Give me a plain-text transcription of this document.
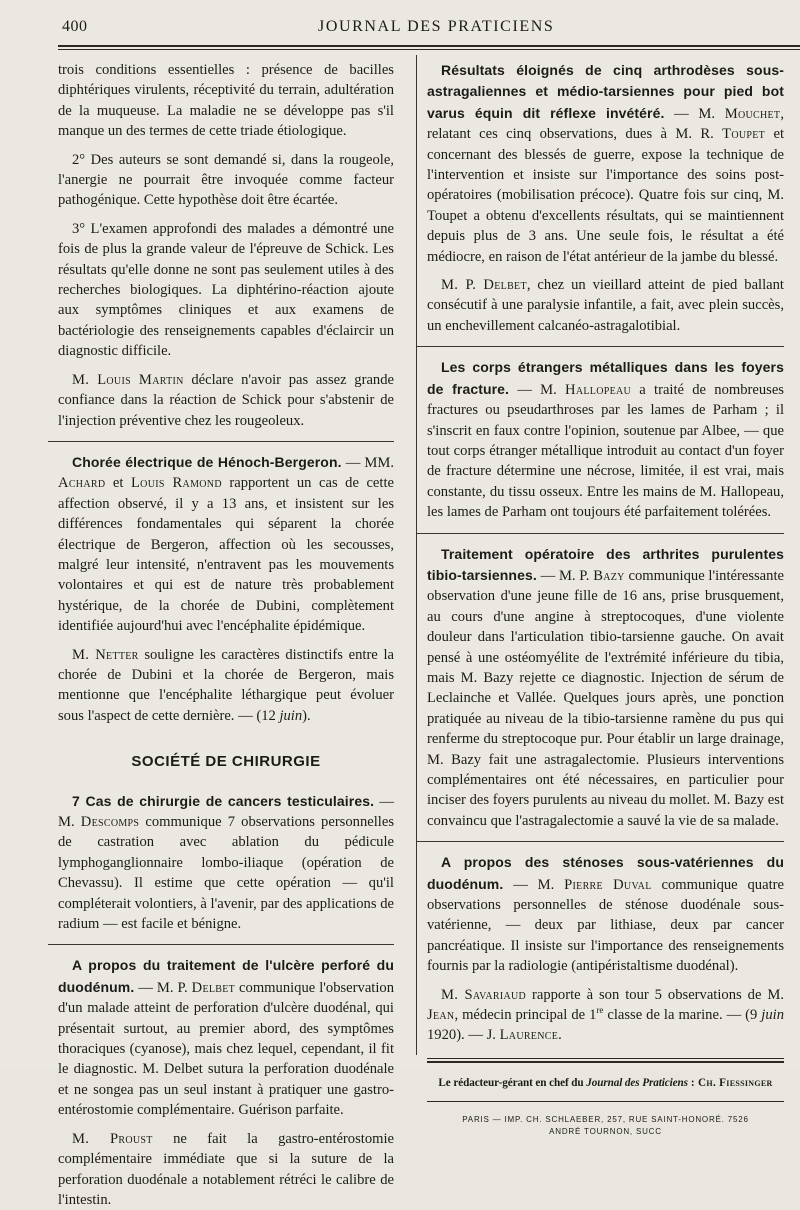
400	JOURNAL DES PRATICIENS

trois conditions essentielles : présence de bacilles diphtériques virulents, réceptivité du terrain, adultération de la muqueuse. La maladie ne se développe pas s'il manque un des termes de cette triade étiologique.

2° Des auteurs se sont demandé si, dans la rougeole, l'anergie ne pourrait être invoquée comme facteur pathogénique. Cette hypothèse doit être écartée.

3° L'examen approfondi des malades a démontré une fois de plus la grande valeur de l'épreuve de Schick. Les résultats qu'elle donne ne sont pas seulement utiles à des recherches biologiques. La diphtérino-réaction ajoute aux symptômes cliniques et aux examens de bactériologie des renseignements capables d'éclaircir un diagnostic difficile.

M. Louis Martin déclare n'avoir pas assez grande confiance dans la réaction de Schick pour s'abstenir de l'injection préventive chez les rougeoleux.

Chorée électrique de Hénoch-Bergeron. — MM. Achard et Louis Ramond rapportent un cas de cette affection observé, il y a 13 ans, et insistent sur les différences fondamentales qui séparent la chorée électrique de Bergeron, affection où les secousses, malgré leur intensité, n'entravent pas les mouvements volontaires et qui est de nature très probablement hystérique, de la chorée de Dubini, complètement identifiée aujourd'hui avec l'encéphalite épidémique.

M. Netter souligne les caractères distinctifs entre la chorée de Dubini et la chorée de Bergeron, mais mentionne que l'encéphalite léthargique peut évoluer sous l'aspect de cette dernière. — (12 juin).

SOCIÉTÉ DE CHIRURGIE

7 Cas de chirurgie de cancers testiculaires. — M. Descomps communique 7 observations personnelles de castration avec ablation du pédicule lymphoganglionnaire lombo-iliaque (opération de Chevassu). Il estime que cette opération — qu'il compléterait volontiers, à l'avenir, par des applications de radium — est facile et bénigne.

A propos du traitement de l'ulcère perforé du duodénum. — M. P. Delbet communique l'observation d'un malade atteint de perforation d'ulcère duodénal, qui présentait surtout, au premier abord, des symptômes thoraciques (cyanose), mais chez lequel, cependant, il fit le diagnostic. M. Delbet sutura la perforation duodénale et ne songea pas un seul instant à pratiquer une gastro-entérostomie complémentaire. Guérison parfaite.

M. Proust ne fait la gastro-entérostomie complémentaire immédiate que si la suture de la perforation duodénale a notablement rétréci le calibre de l'intestin.

Résultats éloignés de cinq arthrodèses sous-astragaliennes et médio-tarsiennes pour pied bot varus équin dit réflexe invétéré. — M. Mouchet, relatant ces cinq observations, dues à M. R. Toupet et concernant des blessés de guerre, expose la technique de l'intervention et insiste sur l'importance des soins post-opératoires (mobilisation précoce). Quatre fois sur cinq, M. Toupet a obtenu d'excellents résultats, qui se maintiennent depuis plus de 3 ans. Une seule fois, le résultat a été médiocre, en raison de l'état antérieur de la jambe du blessé.

M. P. Delbet, chez un vieillard atteint de pied ballant consécutif à une paralysie infantile, a fait, avec plein succès, un enchevillement calcanéo-astragalotibial.

Les corps étrangers métalliques dans les foyers de fracture. — M. Hallopeau a traité de nombreuses fractures ou pseudarthroses par les lames de Parham ; il s'inscrit en faux contre l'opinion, soutenue par Albee, — que tout corps étranger métallique introduit au contact d'un foyer de fracture détermine une nécrose, limitée, il est vrai, mais constante, du tissu osseux. Entre les mains de M. Hallopeau, les lames de Parham ont toujours été parfaitement tolérées.

Traitement opératoire des arthrites purulentes tibio-tarsiennes. — M. P. Bazy communique l'intéressante observation d'une jeune fille de 16 ans, prise brusquement, au cours d'une angine à streptocoques, d'une violente douleur dans l'articulation tibio-tarsienne gauche. On avait pensé à une ostéomyélite de l'extrémité inférieure du tibia, mais M. Bazy rejette ce diagnostic. Injection de sérum de Leclainche et Vallée. Quelques jours après, une ponction pratiquée au niveau de la tibio-tarsienne ramène du pus qui renferme du streptocoque pur. Pour établir un large drainage, M. Bazy fait une astragalectomie. Plusieurs interventions complémentaires ont été nécessaires, en particulier pour inciser des foyers purulents au niveau du mollet. M. Bazy est convaincu que l'astragalectomie a sauvé la vie de sa malade.

A propos des sténoses sous-vatériennes du duodénum. — M. Pierre Duval communique quatre observations personnelles de sténose duodénale sous-vatérienne, — deux par lithiase, deux par cancer pancréatique. Il insiste sur l'importance des renseignements fournis par la radiologie (antipéristaltisme duodénal).

M. Savariaud rapporte à son tour 5 observations de M. Jean, médecin principal de 1re classe de la marine. — (9 juin 1920). — J. Laurence.

Le rédacteur-gérant en chef du Journal des Praticiens : Ch. Fiessinger
PARIS — IMP. CH. SCHLAEBER, 257, RUE SAINT-HONORÉ. 7526
ANDRÉ TOURNON, SUCC
